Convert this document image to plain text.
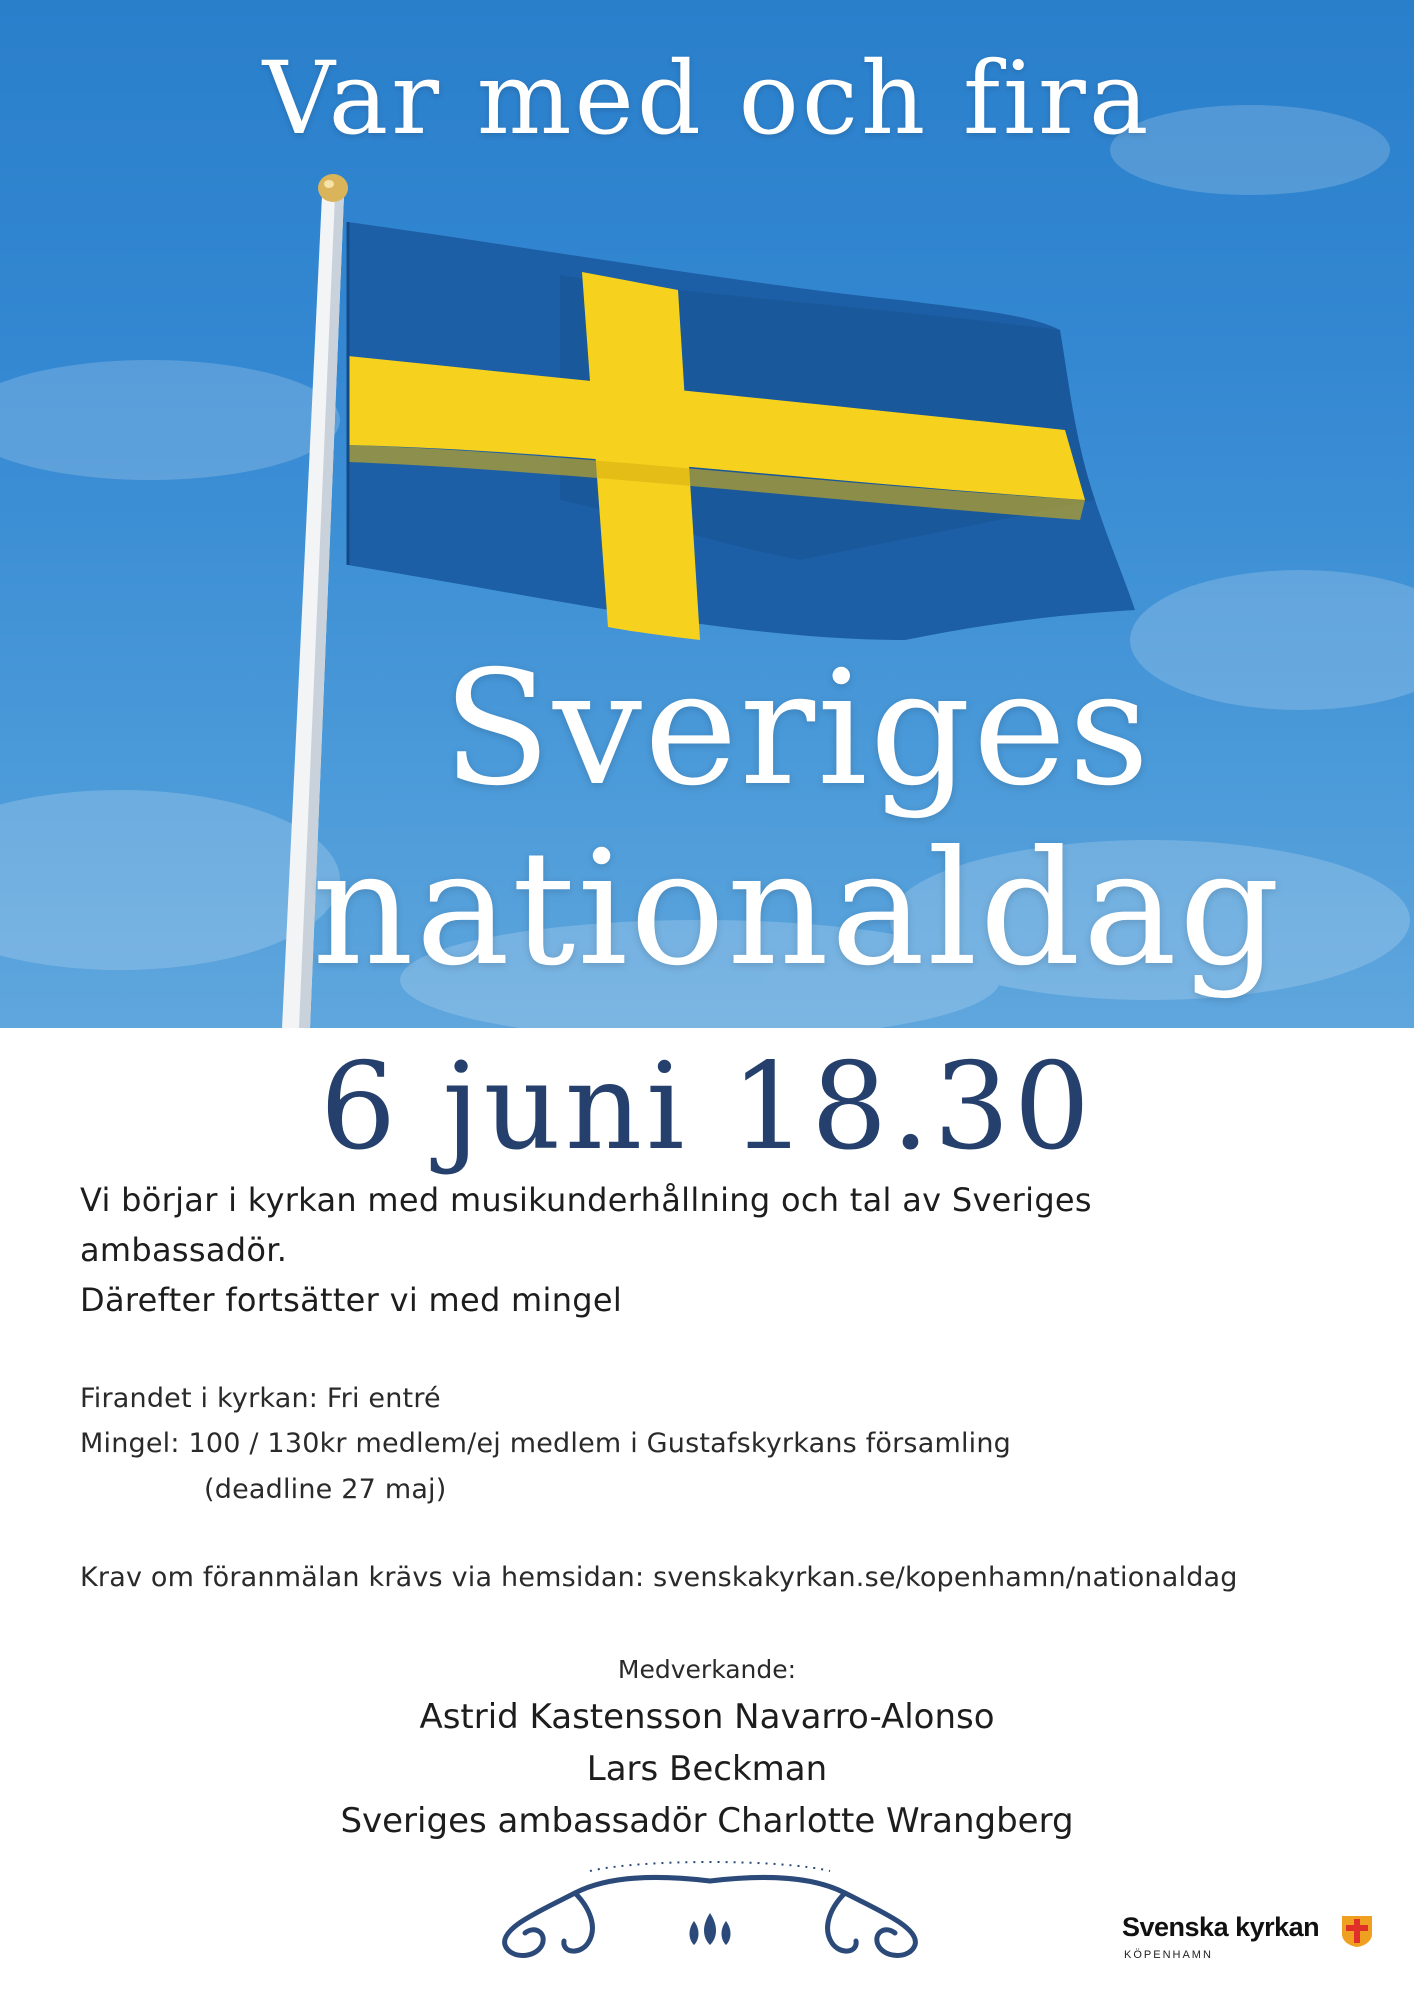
Var med och fira
Sveriges
nationaldag
6 juni 18.30
Vi börjar i kyrkan med musikunderhållning och tal av Sveriges
ambassadör.
Därefter fortsätter vi med mingel
Firandet i kyrkan: Fri entré
Mingel: 100 / 130kr medlem/ej medlem i Gustafskyrkans församling
(deadline 27 maj)
Krav om föranmälan krävs via hemsidan: svenskakyrkan.se/kopenhamn/nationaldag
Medverkande:
Astrid Kastensson Navarro-Alonso
Lars Beckman
Sveriges ambassadör Charlotte Wrangberg
Svenska kyrkan
KÖPENHAMN
